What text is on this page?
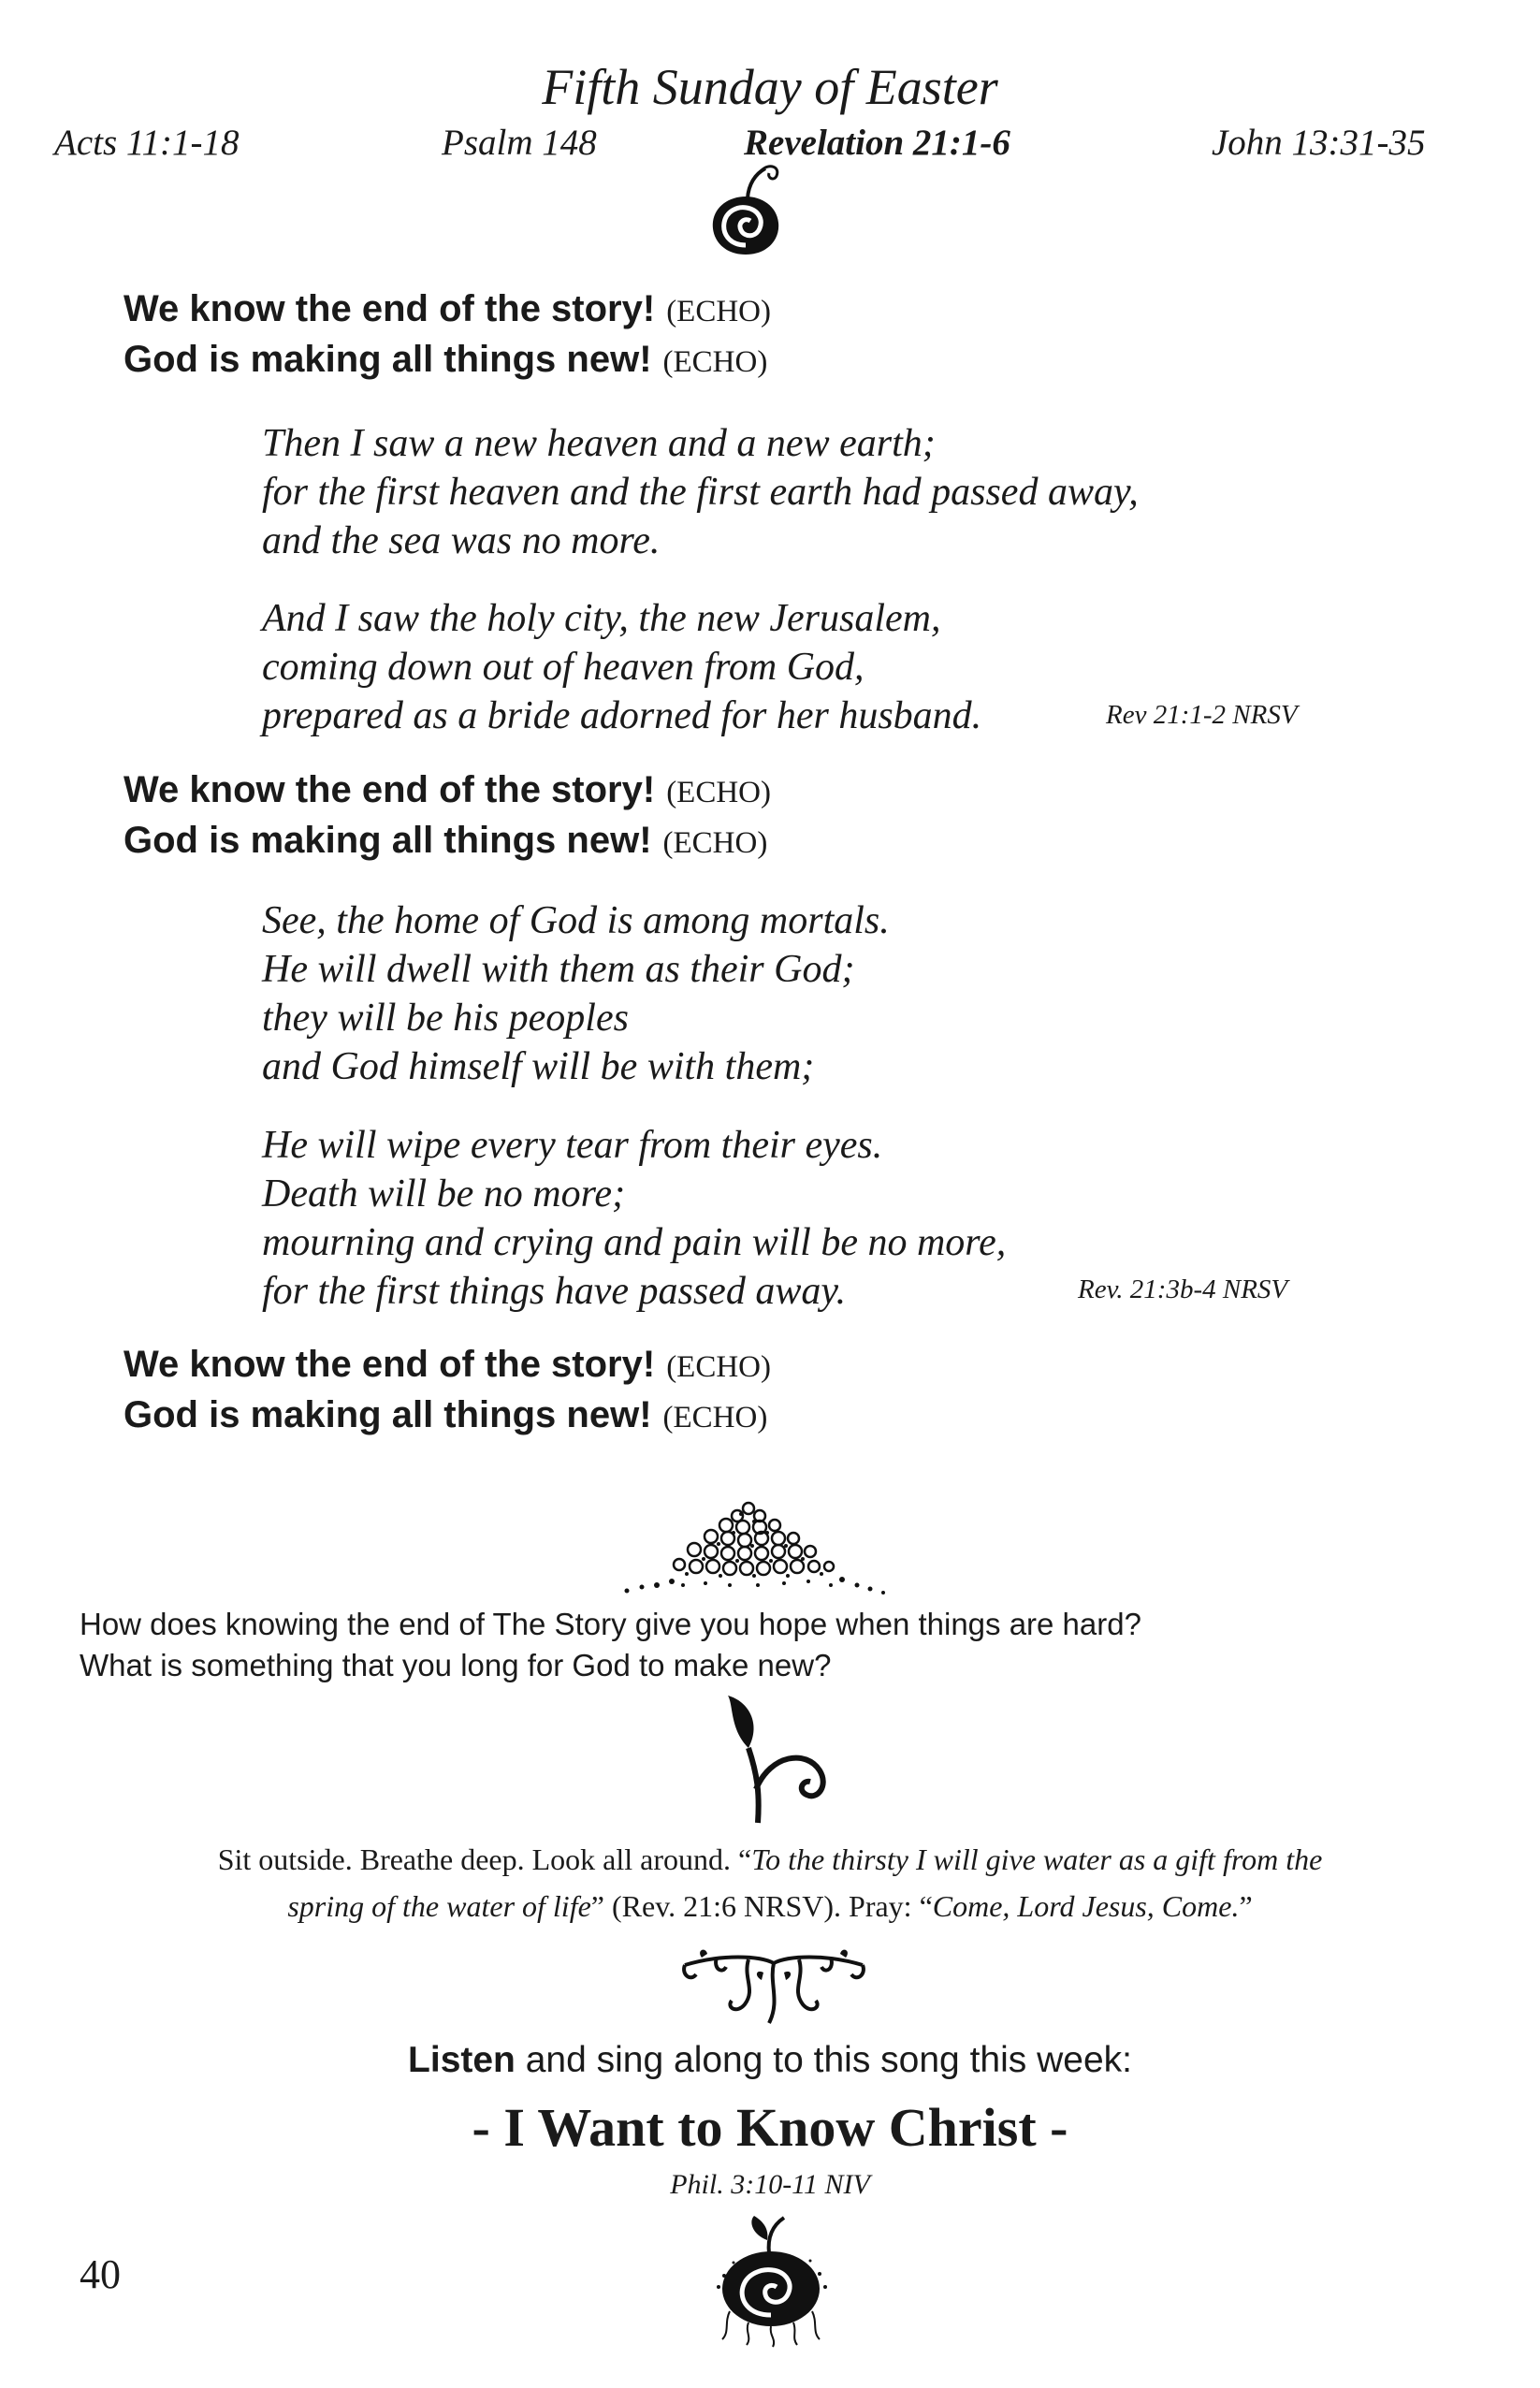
Fifth Sunday of Easter
Acts 11:1-18	Psalm 148	Revelation 21:1-6	John 13:31-35
We know the end of the story! (ECHO)
God is making all things new! (ECHO)
Then I saw a new heaven and a new earth;
for the first heaven and the first earth had passed away,
and the sea was no more.
And I saw the holy city, the new Jerusalem,
coming down out of heaven from God,
prepared as a bride adorned for her husband.	Rev 21:1-2 NRSV
We know the end of the story! (ECHO)
God is making all things new! (ECHO)
See, the home of God is among mortals.
He will dwell with them as their God;
they will be his peoples
and God himself will be with them;
He will wipe every tear from their eyes.
Death will be no more;
mourning and crying and pain will be no more,
for the first things have passed away.	Rev. 21:3b-4 NRSV
We know the end of the story! (ECHO)
God is making all things new! (ECHO)
How does knowing the end of The Story give you hope when things are hard?
What is something that you long for God to make new?
Sit outside. Breathe deep. Look all around. “To the thirsty I will give water as a gift from the
spring of the water of life” (Rev. 21:6 NRSV). Pray: “Come, Lord Jesus, Come.”
Listen and sing along to this song this week:
- I Want to Know Christ -
Phil. 3:10-11 NIV
40
